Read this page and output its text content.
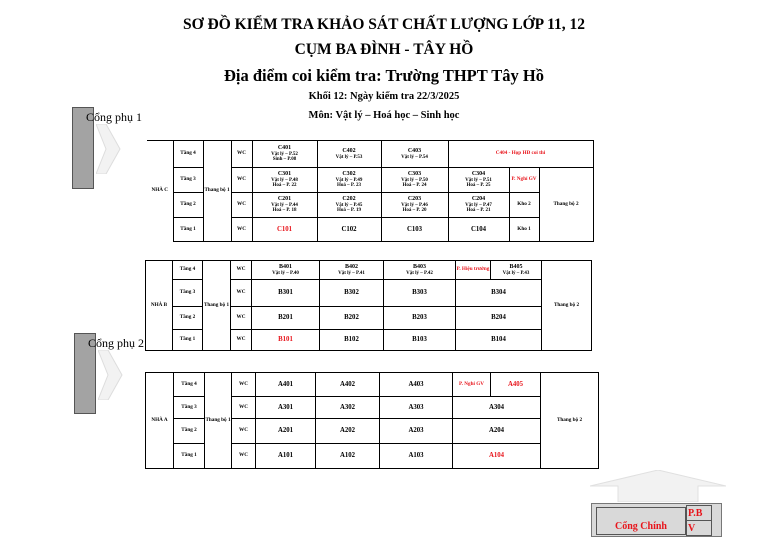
SƠ ĐỒ KIỂM TRA KHẢO SÁT CHẤT LƯỢNG LỚP 11, 12
CỤM BA ĐÌNH - TÂY HỒ
Địa điểm coi kiểm tra: Trường THPT Tây Hồ
Khối 12: Ngày kiểm tra 22/3/2025
Môn: Vật lý – Hoá học – Sinh học
Cổng phụ 1
Cổng phụ 2
NHÀ C	Tầng 4	Thang bộ 1	WC	C401
Vật lý – P.52
Sinh – P.08	C402
Vật lý – P.53	C403
Vật lý – P.54	C404 - Họp HĐ coi thi		
	Tầng 3		WC	C301
Vật lý – P.48
Hoá – P. 22	C302
Vật lý – P.49
Hoá – P. 23	C303
Vật lý – P.50
Hoá – P. 24	C304
Vật lý – P.51
Hoá – P. 25	P. Nghỉ GV	Thang bộ 2
	Tầng 2		WC	C201
Vật lý – P.44
Hoá – P. 18	C202
Vật lý – P.45
Hoá – P. 19	C203
Vật lý – P.46
Hoá – P. 20	C204
Vật lý – P.47
Hoá – P. 21	Kho 2	
	Tầng 1		WC	C101	C102	C103	C104	Kho 1	
NHÀ B	Tầng 4	Thang bộ 1	WC	B401
Vật lý – P.40	B402
Vật lý – P.41	B403
Vật lý – P.42	P. Hiệu trưởng	B405
Vật lý – P.43	Thang bộ 2
	Tầng 3		WC	B301	B302	B303	B304		
	Tầng 2		WC	B201	B202	B203	B204		
	Tầng 1		WC	B101	B102	B103	B104		
NHÀ A	Tầng 4	Thang bộ 1	WC	A401	A402	A403	P. Nghỉ GV	A405	Thang bộ 2
	Tầng 3		WC	A301	A302	A303	A304		
	Tầng 2		WC	A201	A202	A203	A204		
	Tầng 1		WC	A101	A102	A103	A104		
Cổng Chính
P.B
V
